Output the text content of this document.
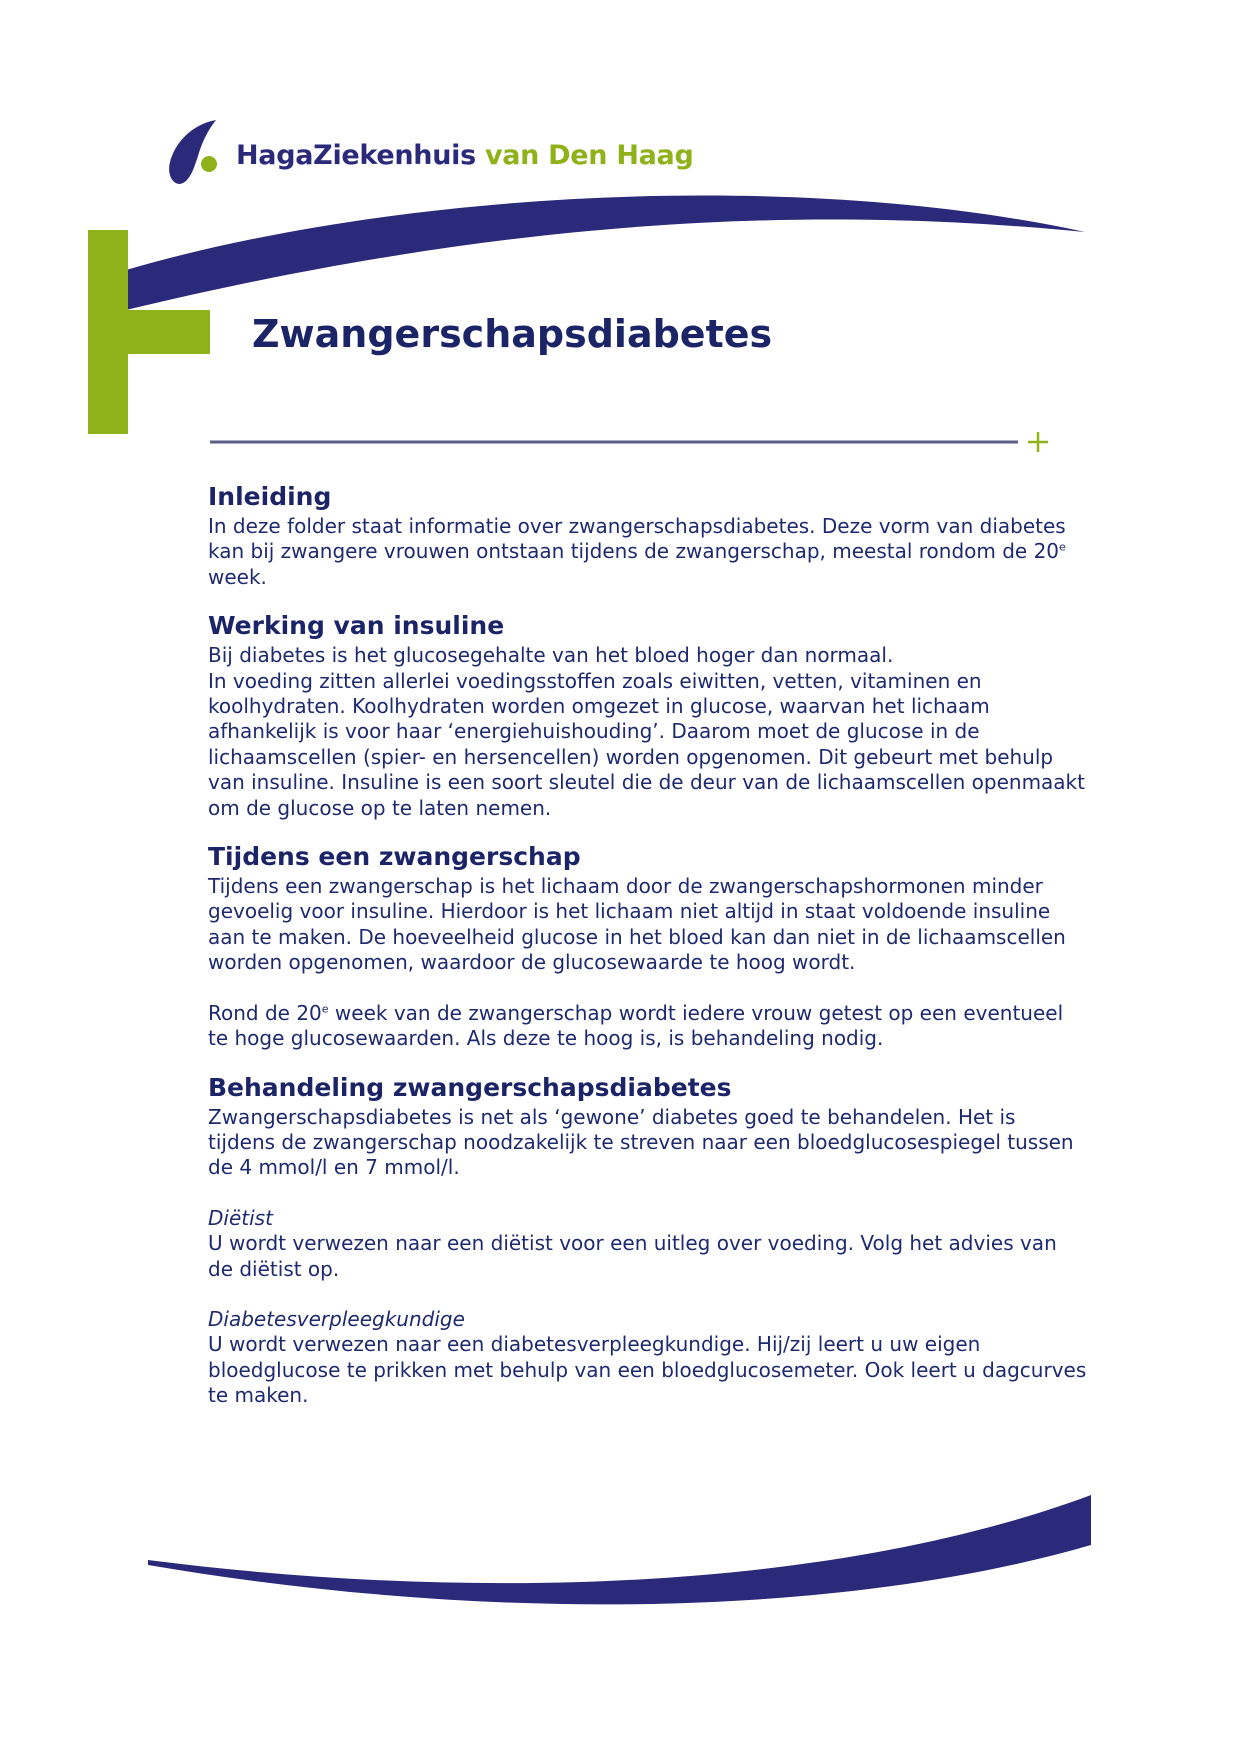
HagaZiekenhuis van Den Haag
Zwangerschapsdiabetes
Inleiding

In deze folder staat informatie over zwangerschapsdiabetes. Deze vorm van diabetes kan bij zwangere vrouwen ontstaan tijdens de zwangerschap, meestal rondom de 20e week.

Werking van insuline

Bij diabetes is het glucosegehalte van het bloed hoger dan normaal.

In voeding zitten allerlei voedingsstoffen zoals eiwitten, vetten, vitaminen en koolhydraten. Koolhydraten worden omgezet in glucose, waarvan het lichaam afhankelijk is voor haar ‘energiehuishouding’. Daarom moet de glucose in de lichaamscellen (spier- en hersencellen) worden opgenomen. Dit gebeurt met behulp van insuline. Insuline is een soort sleutel die de deur van de lichaamscellen openmaakt om de glucose op te laten nemen.

Tijdens een zwangerschap

Tijdens een zwangerschap is het lichaam door de zwangerschapshormonen minder gevoelig voor insuline. Hierdoor is het lichaam niet altijd in staat voldoende insuline aan te maken. De hoeveelheid glucose in het bloed kan dan niet in de lichaamscellen worden opgenomen, waardoor de glucosewaarde te hoog wordt.

Rond de 20e week van de zwangerschap wordt iedere vrouw getest op een eventueel te hoge glucosewaarden. Als deze te hoog is, is behandeling nodig.

Behandeling zwangerschapsdiabetes

Zwangerschapsdiabetes is net als ‘gewone’ diabetes goed te behandelen. Het is tijdens de zwangerschap noodzakelijk te streven naar een bloedglucosespiegel tussen de 4 mmol/l en 7 mmol/l.

Diëtist

U wordt verwezen naar een diëtist voor een uitleg over voeding. Volg het advies van de diëtist op.

Diabetesverpleegkundige

U wordt verwezen naar een diabetesverpleegkundige. Hij/zij leert u uw eigen bloedglucose te prikken met behulp van een bloedglucosemeter. Ook leert u dagcurves te maken.
